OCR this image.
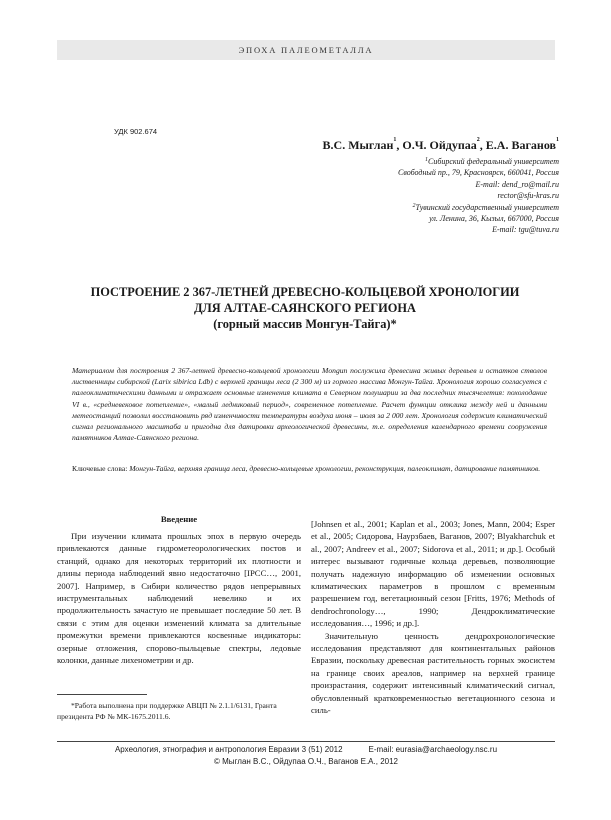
ЭПОХА ПАЛЕОМЕТАЛЛА
УДК 902.674
В.С. Мыглан$^1$, О.Ч. Ойдупаа$^2$, Е.А. Ваганов$^1$
$^1$Сибирский федеральный университет
Свободный пр., 79, Красноярск, 660041, Россия
E-mail: dend_ro@mail.ru
rector@sfu-kras.ru
$^2$Тувинский государственный университет
ул. Ленина, 36, Кызыл, 667000, Россия
E-mail: tgu@tuva.ru
ПОСТРОЕНИЕ 2 367-ЛЕТНЕЙ ДРЕВЕСНО-КОЛЬЦЕВОЙ ХРОНОЛОГИИ
ДЛЯ АЛТАЕ-САЯНСКОГО РЕГИОНА
(горный массив Монгун-Тайга)*
Материалом для построения 2 367-летней древесно-кольцевой хронологии Mongun послужила древесина живых деревьев и остатков стволов лиственницы сибирской (Larix sibirica Ldb) с верхней границы леса (2 300 м) из горного массива Монгун-Тайга. Хронология хорошо согласуется с палеоклиматическими данными и отражает основные изменения климата в Северном полушарии за два последних тысячелетия: похолодание VI в., «средневековое потепление», «малый ледниковый период», современное потепление. Расчет функции отклика между ней и данными метеостанций позволил восстановить ряд изменчивости температуры воздуха июня – июля за 2 000 лет. Хронология содержит климатический сигнал регионального масштаба и пригодна для датировки археологической древесины, т.е. определения календарного времени сооружения памятников Алтае-Саянского региона.
Ключевые слова: Монгун-Тайга, верхняя граница леса, древесно-кольцевые хронологии, реконструкция, палеоклимат, датирование памятников.
Введение

При изучении климата прошлых эпох в первую очередь привлекаются данные гидрометеорологических постов и станций, однако для некоторых территорий их плотности и длины периода наблюдений явно недостаточно [IPCC…, 2001, 2007]. Например, в Сибири количество рядов непрерывных инструментальных наблюдений невелико и их продолжительность зачастую не превышает последние 50 лет. В связи с этим для оценки изменений климата за длительные промежутки времени привлекаются косвенные индикаторы: озерные отложения, спорово-пыльцевые спектры, ледовые колонки, данные лихенометрии и др.

*Работа выполнена при поддержке АВЦП № 2.1.1/6131, Гранта президента РФ № МК-1675.2011.6.

[Johnsen et al., 2001; Kaplan et al., 2003; Jones, Mann, 2004; Esper et al., 2005; Сидорова, Наурзбаев, Ваганов, 2007; Blyakharchuk et al., 2007; Andreev et al., 2007; Sidorova et al., 2011; и др.]. Особый интерес вызывают годичные кольца деревьев, позволяющие получать надежную информацию об изменении основных климатических параметров в прошлом с временным разрешением год, вегетационный сезон [Fritts, 1976; Methods of dendrochronology…, 1990; Дендроклиматические исследования…, 1996; и др.].

Значительную ценность дендрохронологические исследования представляют для континентальных районов Евразии, поскольку древесная растительность горных экосистем на границе своих ареалов, например на верхней границе произрастания, содержит интенсивный климатический сигнал, обусловленный кратковременностью вегетационного сезона и силь-

Археология, этнография и антропология Евразии 3 (51) 2012	E-mail: eurasia@archaeology.nsc.ru
© Мыглан В.С., Ойдупаа О.Ч., Ваганов Е.А., 2012
